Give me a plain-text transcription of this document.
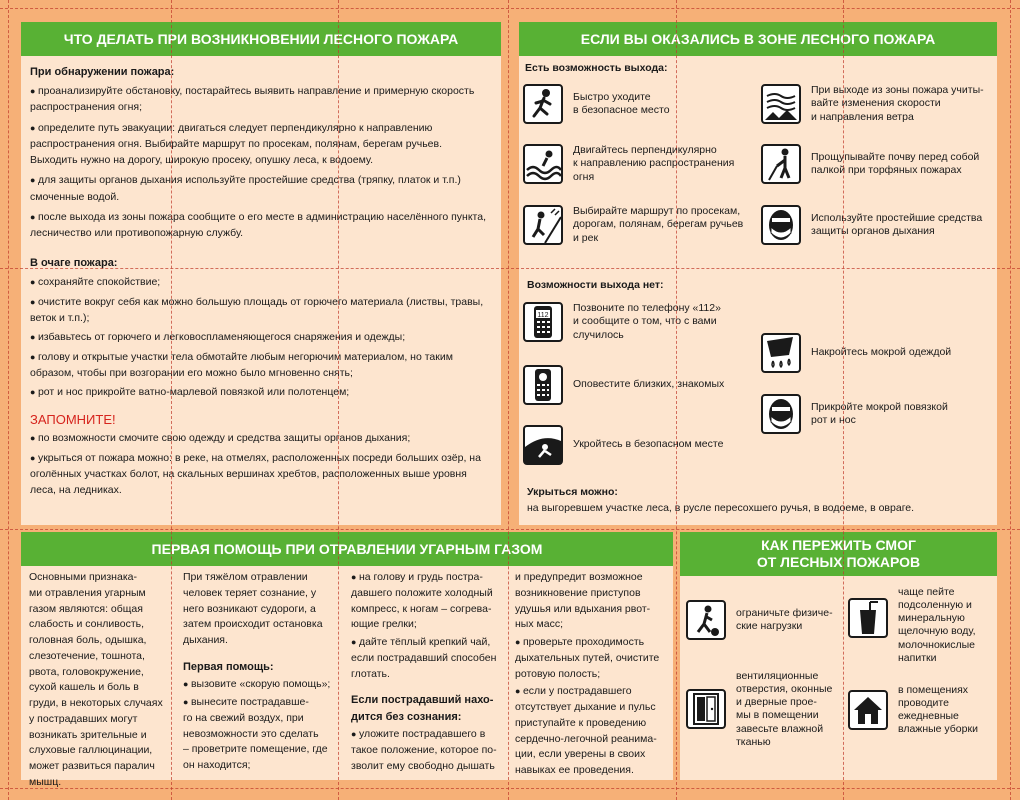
ЧТО ДЕЛАТЬ ПРИ ВОЗНИКНОВЕНИИ ЛЕСНОГО ПОЖАРА
При обнаружении пожара:

● проанализируйте обстановку, постарайтесь выявить направление и примерную скорость распространения огня;

● определите путь эвакуации: двигаться следует перпендикулярно к направлению распространения огня. Выбирайте маршрут по просекам, полянам, берегам ручьев. Выходить нужно на дорогу, широкую просеку, опушку леса, к водоему.

● для защиты органов дыхания используйте простейшие средства (тряпку, платок и т.п.) смоченные водой.

● после выхода из зоны пожара сообщите о его месте в администрацию населённого пункта, лесничество или противопожарную службу.

В очаге пожара:

● сохраняйте спокойствие;

● очистите вокруг себя как можно большую площадь от горючего материала (листвы, травы, веток и т.п.);

● избавьтесь от горючего и легковоспламеняющегося снаряжения и одежды;

● голову и открытые участки тела обмотайте любым негорючим материалом, но таким образом, чтобы при возгорании его можно было мгновенно снять;

● рот и нос прикройте ватно-марлевой повязкой или полотенцем;

ЗАПОМНИТЕ!

● по возможности смочите свою одежду и средства защиты органов дыхания;

● укрыться от пожара можно: в реке, на отмелях, расположенных посреди больших озёр, на оголённых участках болот, на скальных вершинах хребтов, расположенных выше уровня леса, на ледниках.

ЕСЛИ ВЫ ОКАЗАЛИСЬ В ЗОНЕ ЛЕСНОГО ПОЖАРА
Есть возможность выхода:
Быстро уходите
в безопасное место
Двигайтесь перпендикулярно
к направлению распространения
огня
Выбирайте маршрут по просекам,
дорогам, полянам, берегам ручьев
и рек
При выходе из зоны пожара учиты-
вайте изменения скорости
и направления ветра
Прощупывайте почву перед собой
палкой при торфяных пожарах
Используйте простейшие средства
защиты органов дыхания
Возможности выхода нет:
112
Позвоните по телефону «112»
и сообщите о том, что с вами
случилось
Оповестите близких, знакомых
Укройтесь в безопасном месте
Накройтесь мокрой одеждой
Прикройте мокрой повязкой
рот и нос
Укрыться можно:
на выгоревшем участке леса, в русле пересохшего ручья, в водоеме, в овраге.
ПЕРВАЯ ПОМОЩЬ ПРИ ОТРАВЛЕНИИ УГАРНЫМ ГАЗОМ

Основными признака-
ми отравления угарным
газом являются: общая
слабость и сонливость,
головная боль, одышка,
слезотечение, тошнота,
рвота, головокружение,
сухой кашель и боль в
груди, в некоторых случаях
у пострадавших могут
возникать зрительные и
слуховые галлюцинации,
может развиться паралич
мышц.

При тяжёлом отравлении
человек теряет сознание, у
него возникают судороги, а
затем происходит остановка
дыхания.

Первая помощь:

● вызовите «скорую помощь»;

● вынесите пострадавше-
го на свежий воздух, при
невозможности это сделать
– проветрите помещение, где
он находится;

● на голову и грудь постра-
давшего положите холодный
компресс, к ногам – согрева-
ющие грелки;

● дайте тёплый крепкий чай,
если пострадавший способен
глотать.

Если пострадавший нахо-
дится без сознания:

● уложите пострадавшего в
такое положение, которое по-
зволит ему свободно дышать

и предупредит возможное
возникновение приступов
удушья или вдыхания рвот-
ных масс;

● проверьте проходимость
дыхательных путей, очистите
ротовую полость;

● если у пострадавшего
отсутствует дыхание и пульс
приступайте к проведению
сердечно-легочной реанима-
ции, если уверены в своих
навыках ее проведения.

КАК ПЕРЕЖИТЬ СМОГ
ОТ ЛЕСНЫХ ПОЖАРОВ
ограничьте физиче-
ские нагрузки
чаще пейте
подсоленную и
минеральную
щелочную воду,
молочнокислые
напитки
вентиляционные
отверстия, оконные
и дверные прое-
мы в помещении
завесьте влажной
тканью
в помещениях
проводите
ежедневные
влажные уборки
